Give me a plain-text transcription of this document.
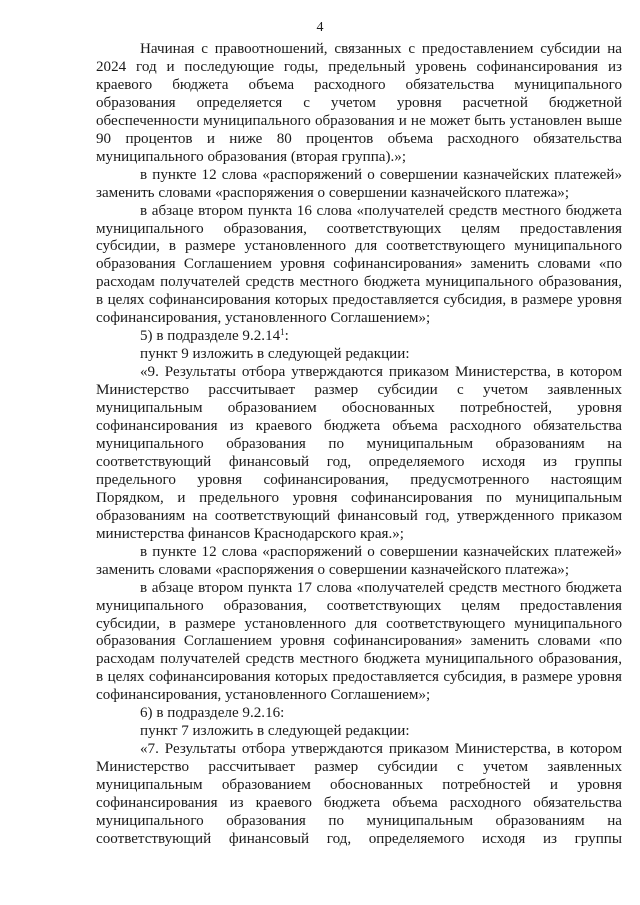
4

Начиная с правоотношений, связанных с предоставлением субсидии на 2024 год и последующие годы, предельный уровень софинансирования из краевого бюджета объема расходного обязательства муниципального образования определяется с учетом уровня расчетной бюджетной обеспеченности муниципального образования и не может быть установлен выше 90 процентов и ниже 80 процентов объема расходного обязательства муниципального образования (вторая группа).»;

в пункте 12 слова «распоряжений о совершении казначейских платежей» заменить словами «распоряжения о совершении казначейского платежа»;

в абзаце втором пункта 16 слова «получателей средств местного бюджета муниципального образования, соответствующих целям предоставления субсидии, в размере установленного для соответствующего муниципального образования Соглашением уровня софинансирования» заменить словами «по расходам получателей средств местного бюджета муниципального образования, в целях софинансирования которых предоставляется субсидия, в размере уровня софинансирования, установленного Соглашением»;

5) в подразделе 9.2.14$^1$:

пункт 9 изложить в следующей редакции:

«9. Результаты отбора утверждаются приказом Министерства, в котором Министерство рассчитывает размер субсидии с учетом заявленных муниципальным образованием обоснованных потребностей, уровня софинансирования из краевого бюджета объема расходного обязательства муниципального образования по муниципальным образованиям на соответствующий финансовый год, определяемого исходя из группы предельного уровня софинансирования, предусмотренного настоящим Порядком, и предельного уровня софинансирования по муниципальным образованиям на соответствующий финансовый год, утвержденного приказом министерства финансов Краснодарского края.»;

в пункте 12 слова «распоряжений о совершении казначейских платежей» заменить словами «распоряжения о совершении казначейского платежа»;

в абзаце втором пункта 17 слова «получателей средств местного бюджета муниципального образования, соответствующих целям предоставления субсидии, в размере установленного для соответствующего муниципального образования Соглашением уровня софинансирования» заменить словами «по расходам получателей средств местного бюджета муниципального образования, в целях софинансирования которых предоставляется субсидия, в размере уровня софинансирования, установленного Соглашением»;

6) в подразделе 9.2.16:

пункт 7 изложить в следующей редакции:

«7. Результаты отбора утверждаются приказом Министерства, в котором Министерство рассчитывает размер субсидии с учетом заявленных муниципальным образованием обоснованных потребностей и уровня софинансирования из краевого бюджета объема расходного обязательства муниципального образования по муниципальным образованиям на соответствующий финансовый год, определяемого исходя из группы
